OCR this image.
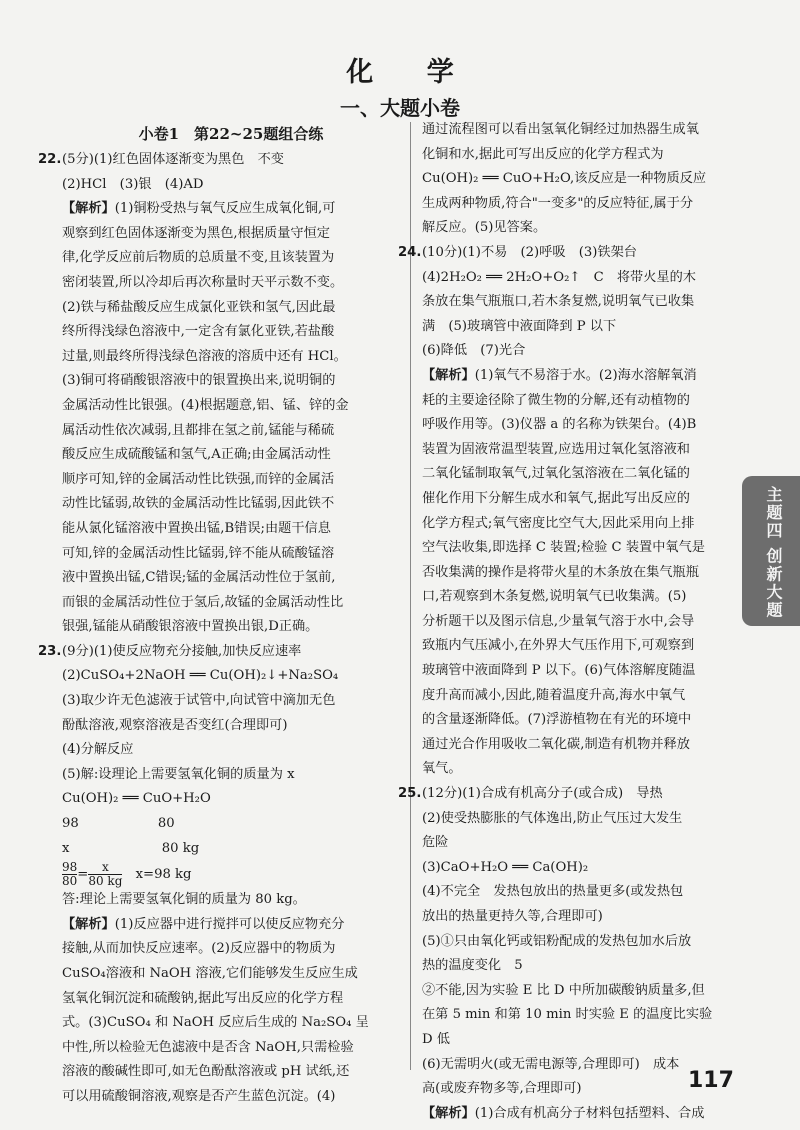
化 学
一、大题小卷

小卷1　第22~25题组合练

22.(5分)(1)红色固体逐渐变为黑色　不变

(2)HCl　(3)银　(4)AD

【解析】(1)铜粉受热与氧气反应生成氧化铜,可

观察到红色固体逐渐变为黑色,根据质量守恒定

律,化学反应前后物质的总质量不变,且该装置为

密闭装置,所以冷却后再次称量时天平示数不变。

(2)铁与稀盐酸反应生成氯化亚铁和氢气,因此最

终所得浅绿色溶液中,一定含有氯化亚铁,若盐酸

过量,则最终所得浅绿色溶液的溶质中还有 HCl。

(3)铜可将硝酸银溶液中的银置换出来,说明铜的

金属活动性比银强。(4)根据题意,铝、锰、锌的金

属活动性依次减弱,且都排在氢之前,锰能与稀硫

酸反应生成硫酸锰和氢气,A正确;由金属活动性

顺序可知,锌的金属活动性比铁强,而锌的金属活

动性比锰弱,故铁的金属活动性比锰弱,因此铁不

能从氯化锰溶液中置换出锰,B错误;由题干信息

可知,锌的金属活动性比锰弱,锌不能从硫酸锰溶

液中置换出锰,C错误;锰的金属活动性位于氢前,

而银的金属活动性位于氢后,故锰的金属活动性比

银强,锰能从硝酸银溶液中置换出银,D正确。

23.(9分)(1)使反应物充分接触,加快反应速率

(2)CuSO₄+2NaOH ══ Cu(OH)₂↓+Na₂SO₄

(3)取少许无色滤液于试管中,向试管中滴加无色

酚酞溶液,观察溶液是否变红(合理即可)

(4)分解反应

(5)解:设理论上需要氢氧化铜的质量为 x

Cu(OH)₂ ══ CuO+H₂O

98　　　　　　80

x　　　　　　　80 kg

$\frac{98}{80} = \frac{x}{80 kg}$ 　x=98 kg

答:理论上需要氢氧化铜的质量为 80 kg。

【解析】(1)反应器中进行搅拌可以使反应物充分

接触,从而加快反应速率。(2)反应器中的物质为

CuSO₄溶液和 NaOH 溶液,它们能够发生反应生成

氢氧化铜沉淀和硫酸钠,据此写出反应的化学方程

式。(3)CuSO₄ 和 NaOH 反应后生成的 Na₂SO₄ 呈

中性,所以检验无色滤液中是否含 NaOH,只需检验

溶液的酸碱性即可,如无色酚酞溶液或 pH 试纸,还

可以用硫酸铜溶液,观察是否产生蓝色沉淀。(4)

通过流程图可以看出氢氧化铜经过加热器生成氧

化铜和水,据此可写出反应的化学方程式为

Cu(OH)₂ ══ CuO+H₂O,该反应是一种物质反应

生成两种物质,符合"一变多"的反应特征,属于分

解反应。(5)见答案。

24.(10分)(1)不易　(2)呼吸　(3)铁架台

(4)2H₂O₂ ══ 2H₂O+O₂↑　C　将带火星的木

条放在集气瓶瓶口,若木条复燃,说明氧气已收集

满　(5)玻璃管中液面降到 P 以下

(6)降低　(7)光合

【解析】(1)氧气不易溶于水。(2)海水溶解氧消

耗的主要途径除了微生物的分解,还有动植物的

呼吸作用等。(3)仪器 a 的名称为铁架台。(4)B

装置为固液常温型装置,应选用过氧化氢溶液和

二氧化锰制取氧气,过氧化氢溶液在二氧化锰的

催化作用下分解生成水和氧气,据此写出反应的

化学方程式;氧气密度比空气大,因此采用向上排

空气法收集,即选择 C 装置;检验 C 装置中氧气是

否收集满的操作是将带火星的木条放在集气瓶瓶

口,若观察到木条复燃,说明氧气已收集满。(5)

分析题干以及图示信息,少量氧气溶于水中,会导

致瓶内气压减小,在外界大气压作用下,可观察到

玻璃管中液面降到 P 以下。(6)气体溶解度随温

度升高而减小,因此,随着温度升高,海水中氧气

的含量逐渐降低。(7)浮游植物在有光的环境中

通过光合作用吸收二氧化碳,制造有机物并释放

氧气。

25.(12分)(1)合成有机高分子(或合成)　导热

(2)使受热膨胀的气体逸出,防止气压过大发生

危险

(3)CaO+H₂O ══ Ca(OH)₂

(4)不完全　发热包放出的热量更多(或发热包

放出的热量更持久等,合理即可)

(5)①只由氧化钙或铝粉配成的发热包加水后放

热的温度变化　5

②不能,因为实验 E 比 D 中所加碳酸钠质量多,但

在第 5 min 和第 10 min 时实验 E 的温度比实验

D 低

(6)无需明火(或无需电源等,合理即可)　成本

高(或废弃物多等,合理即可)

【解析】(1)合成有机高分子材料包括塑料、合成

主题四 创新大题
117
